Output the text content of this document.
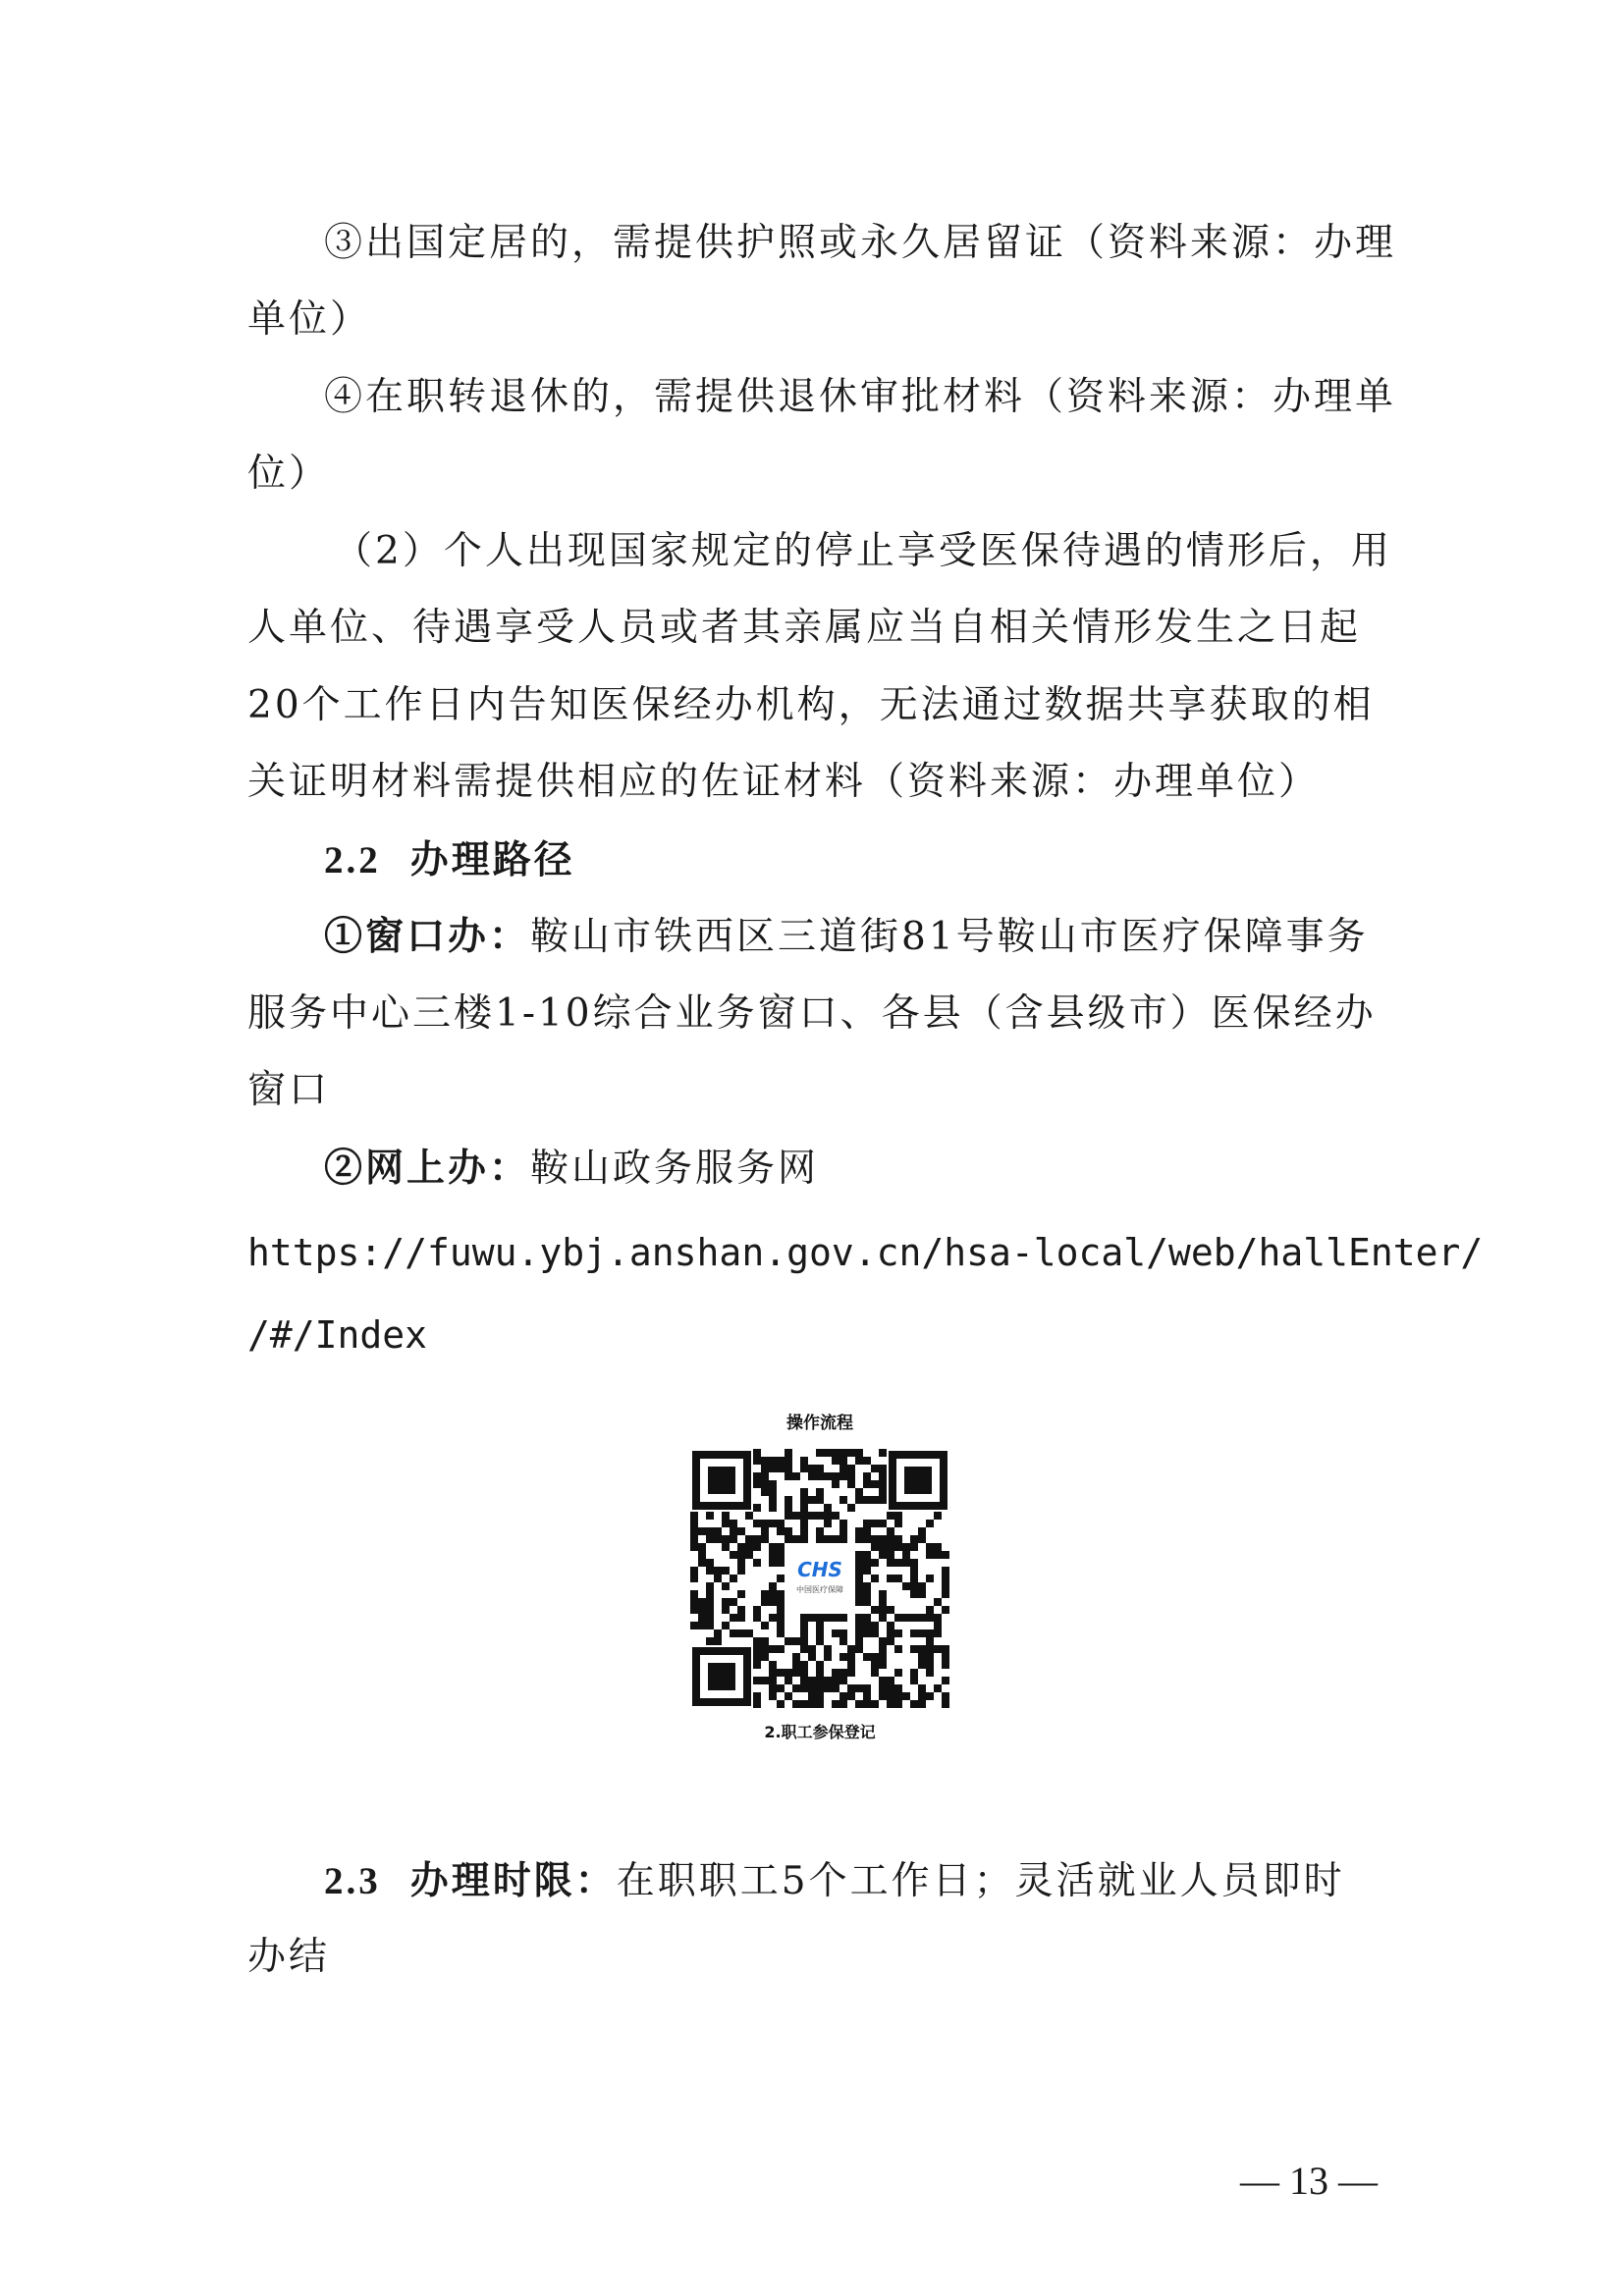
③出国定居的，需提供护照或永久居留证（资料来源：办理
单位）
④在职转退休的，需提供退休审批材料（资料来源：办理单
位）
（2）个人出现国家规定的停止享受医保待遇的情形后，用
人单位、待遇享受人员或者其亲属应当自相关情形发生之日起
20个工作日内告知医保经办机构，无法通过数据共享获取的相
关证明材料需提供相应的佐证材料（资料来源：办理单位）
2.2 办理路径
①窗口办：鞍山市铁西区三道街81号鞍山市医疗保障事务
服务中心三楼1-10综合业务窗口、各县（含县级市）医保经办
窗口
②网上办：鞍山政务服务网
https://fuwu.ybj.anshan.gov.cn/hsa-local/web/hallEnter/
/#/Index
操作流程
CHS
中国医疗保障
2.职工参保登记
2.3 办理时限：在职职工5个工作日；灵活就业人员即时
办结
— 13 —
